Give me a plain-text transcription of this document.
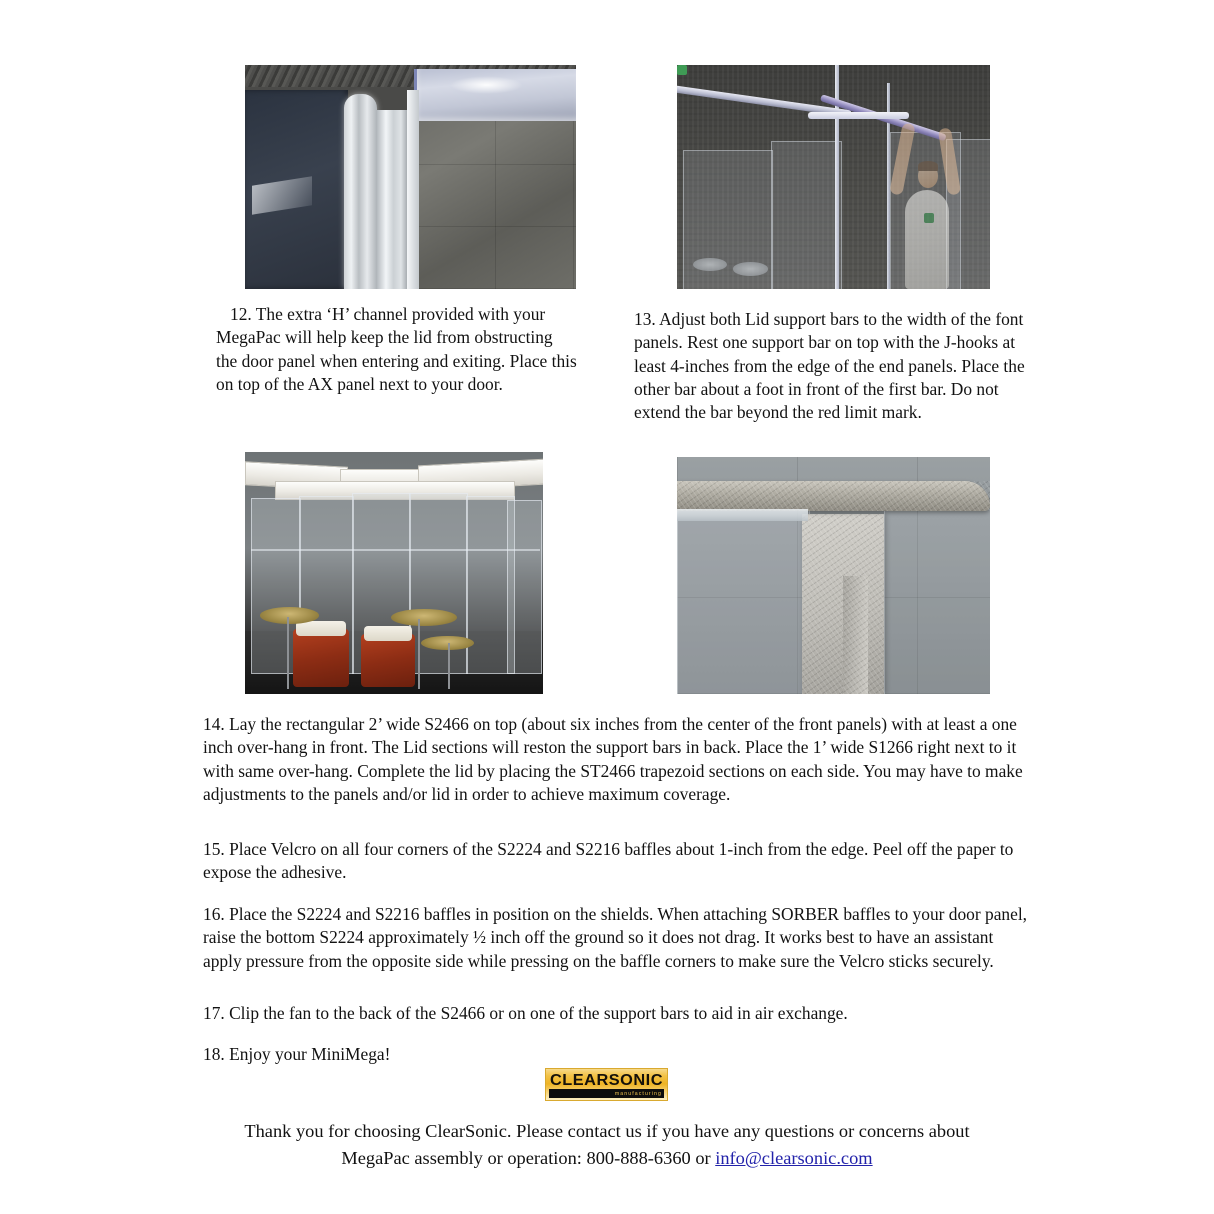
12. The extra ‘H’ channel provided with your MegaPac will help keep the lid from obstructing the door panel when entering and exiting. Place this on top of the AX panel next to your door.
13. Adjust both Lid support bars to the width of the font panels. Rest one support bar on top with the J-hooks at least 4-inches from the edge of the end panels. Place the other bar about a foot in front of the first bar. Do not extend the bar beyond the red limit mark.
14. Lay the rectangular 2’ wide S2466 on top (about six inches from the center of the front panels) with at least a one inch over-hang in front. The Lid sections will reston the support bars in back. Place the 1’ wide S1266 right next to it with same over-hang. Complete the lid by placing the ST2466 trapezoid sections on each side. You may have to make adjustments to the panels and/or lid in order to achieve maximum coverage.
15. Place Velcro on all four corners of the S2224 and S2216 baffles about 1-inch from the edge. Peel off the paper to expose the adhesive.
16. Place the S2224 and S2216 baffles in position on the shields. When attaching SORBER baffles to your door panel, raise the bottom S2224 approximately ½ inch off the ground so it does not drag. It works best to have an assistant apply pressure from the opposite side while pressing on the baffle corners to make sure the Velcro sticks securely.
17. Clip the fan to the back of the S2466 or on one of the support bars to aid in air exchange.
18. Enjoy your MiniMega!
CLEARSONIC
manufacturing
Thank you for choosing ClearSonic. Please contact us if you have any questions or concerns about
MegaPac assembly or operation: 800-888-6360 or info@clearsonic.com
